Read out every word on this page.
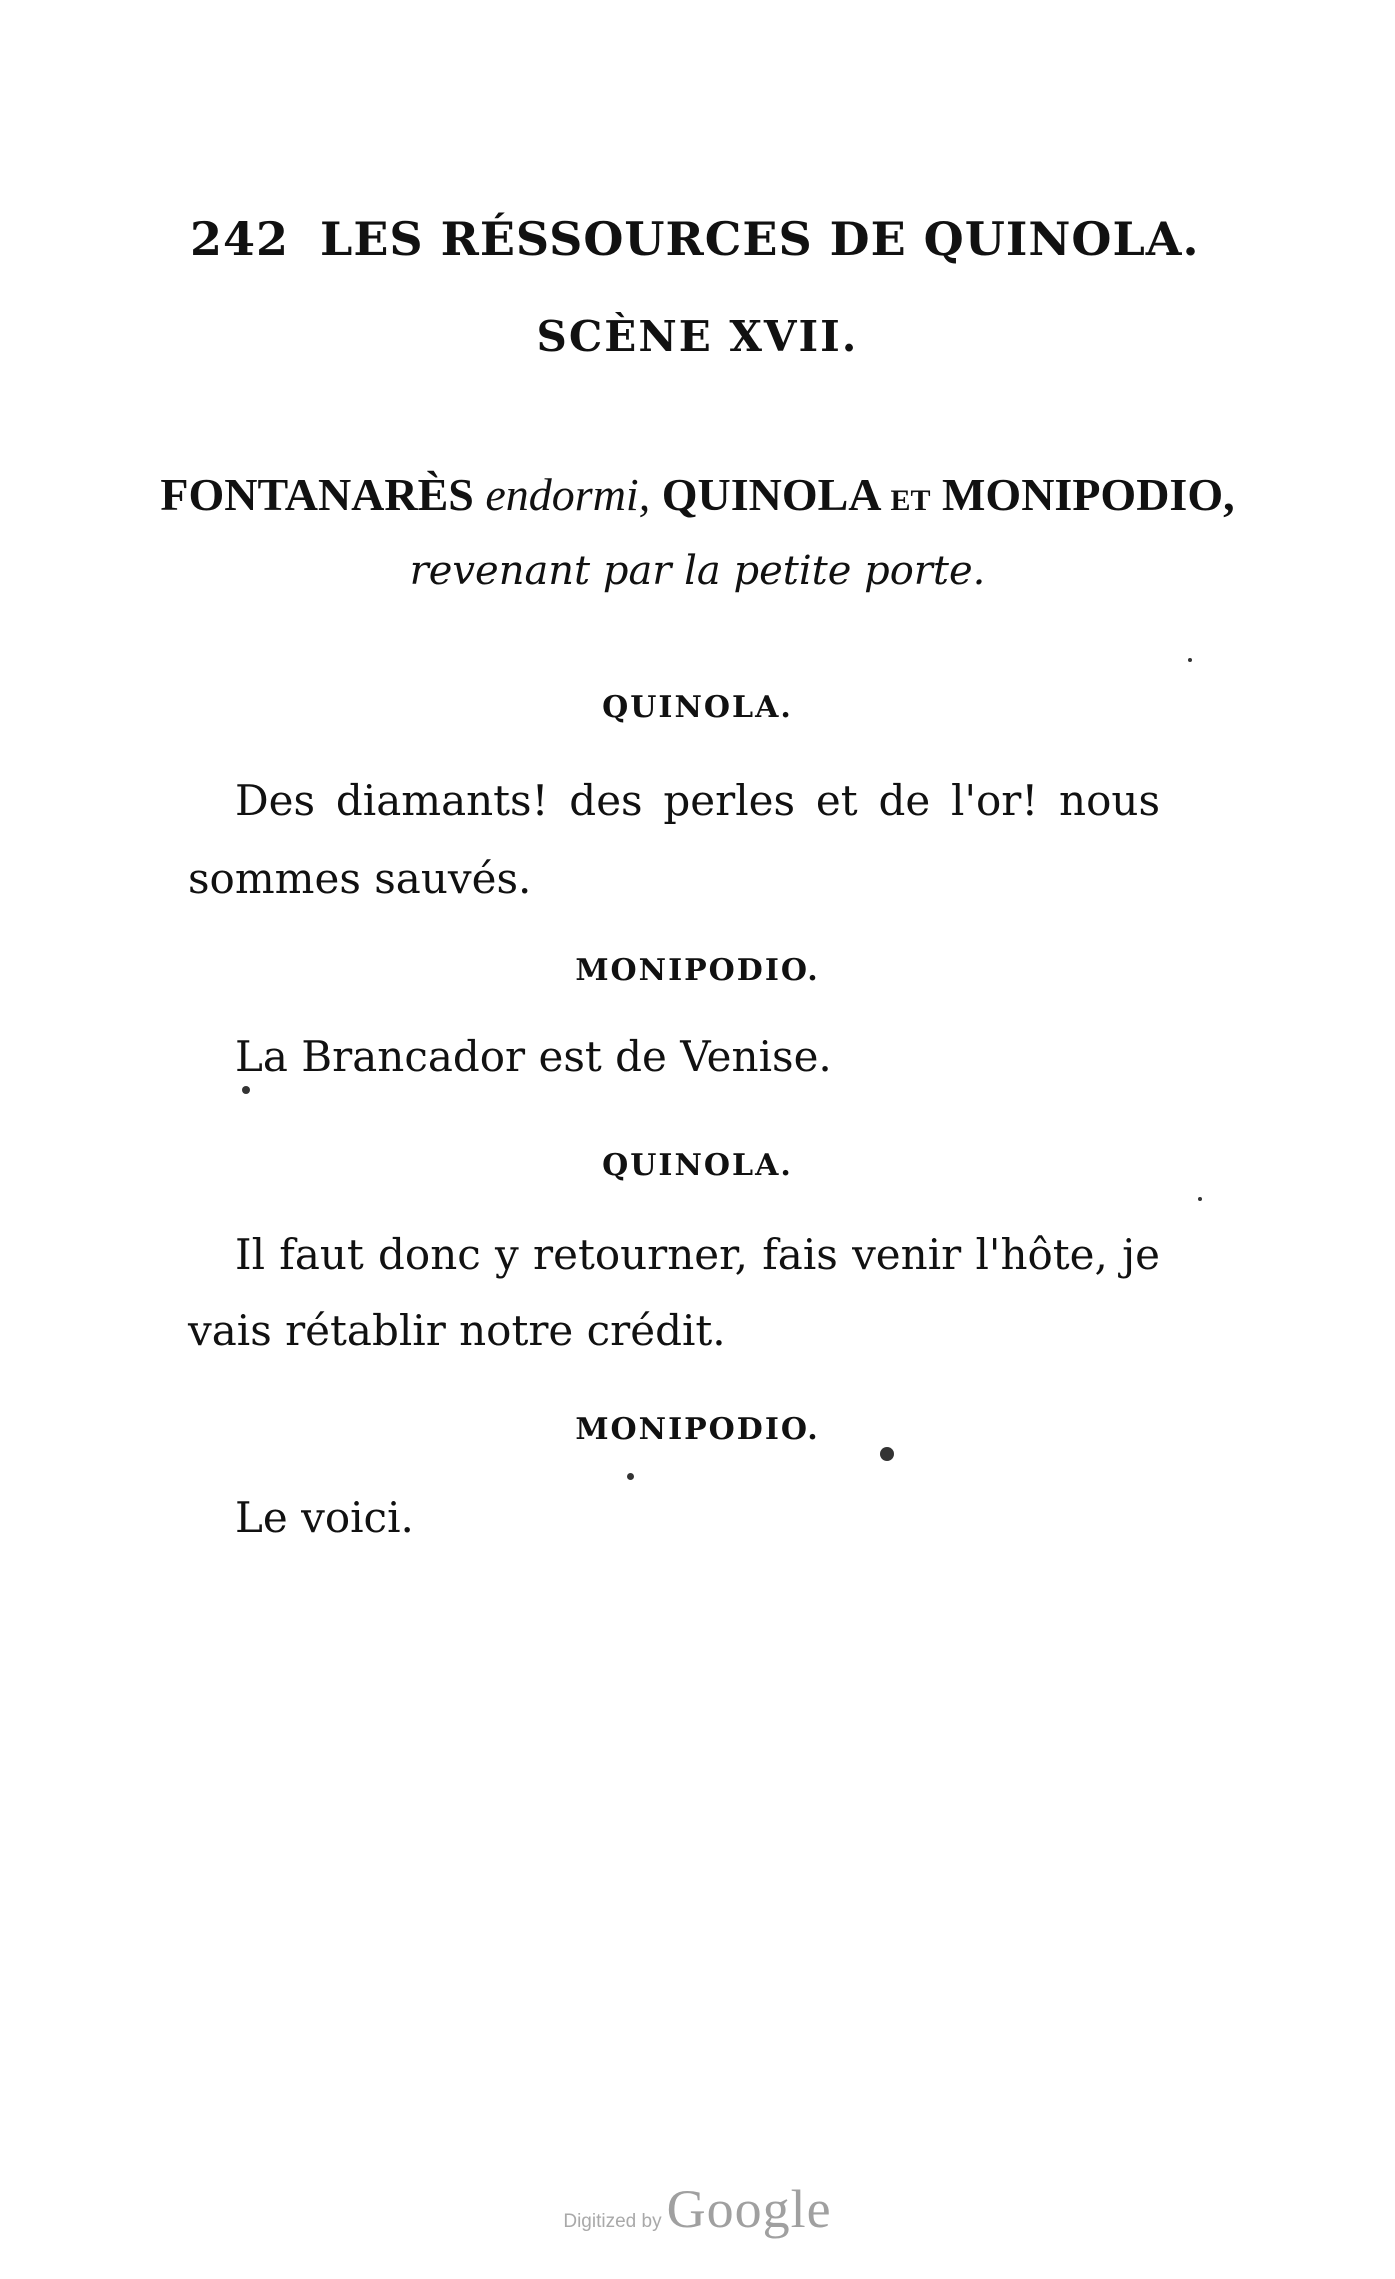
242 LES RÉSSOURCES DE QUINOLA.
SCÈNE XVII.
FONTANARÈS endormi, QUINOLA ET MONIPODIO,
revenant par la petite porte.
QUINOLA.
Des diamants! des perles et de l'or! nous
sommes sauvés.
MONIPODIO.
La Brancador est de Venise.
QUINOLA.
Il faut donc y retourner, fais venir l'hôte, je
vais rétablir notre crédit.
MONIPODIO.
Le voici.
Digitized by Google
